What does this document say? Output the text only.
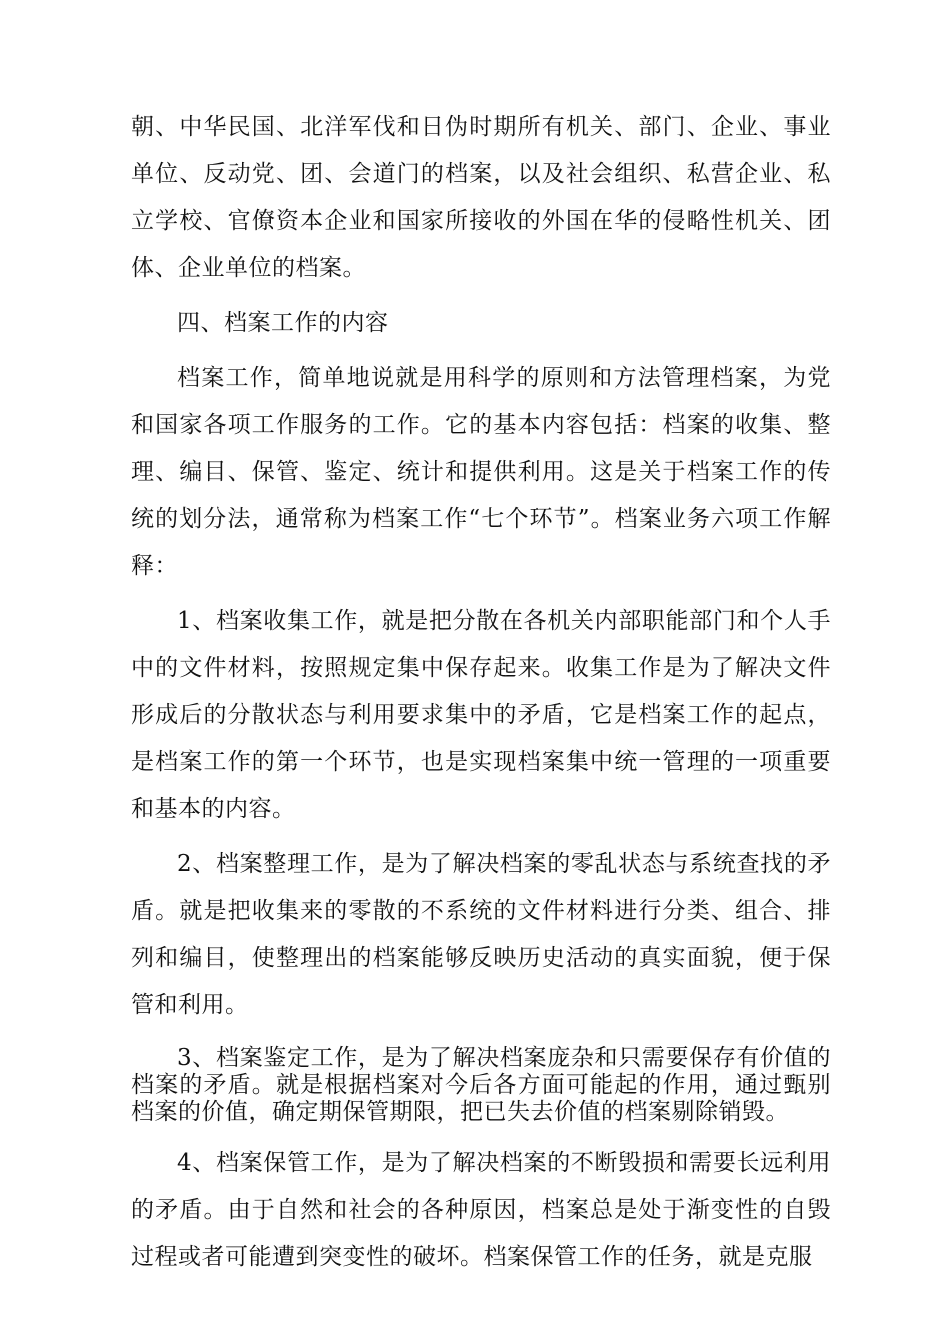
朝、中华民国、北洋军伐和日伪时期所有机关、部门、企业、事业单位、反动党、团、会道门的档案，以及社会组织、私营企业、私立学校、官僚资本企业和国家所接收的外国在华的侵略性机关、团体、企业单位的档案。

四、档案工作的内容

档案工作，简单地说就是用科学的原则和方法管理档案，为党和国家各项工作服务的工作。它的基本内容包括：档案的收集、整理、编目、保管、鉴定、统计和提供利用。这是关于档案工作的传统的划分法，通常称为档案工作“七个环节”。档案业务六项工作解释：

1、档案收集工作，就是把分散在各机关内部职能部门和个人手中的文件材料，按照规定集中保存起来。收集工作是为了解决文件形成后的分散状态与利用要求集中的矛盾，它是档案工作的起点，是档案工作的第一个环节，也是实现档案集中统一管理的一项重要和基本的内容。

2、档案整理工作，是为了解决档案的零乱状态与系统查找的矛盾。就是把收集来的零散的不系统的文件材料进行分类、组合、排列和编目，使整理出的档案能够反映历史活动的真实面貌，便于保管和利用。

3、档案鉴定工作，是为了解决档案庞杂和只需要保存有价值的档案的矛盾。就是根据档案对今后各方面可能起的作用，通过甄别档案的价值，确定期保管期限，把已失去价值的档案剔除销毁。

4、档案保管工作，是为了解决档案的不断毁损和需要长远利用的矛盾。由于自然和社会的各种原因，档案总是处于渐变性的自毁过程或者可能遭到突变性的破坏。档案保管工作的任务，就是克服
